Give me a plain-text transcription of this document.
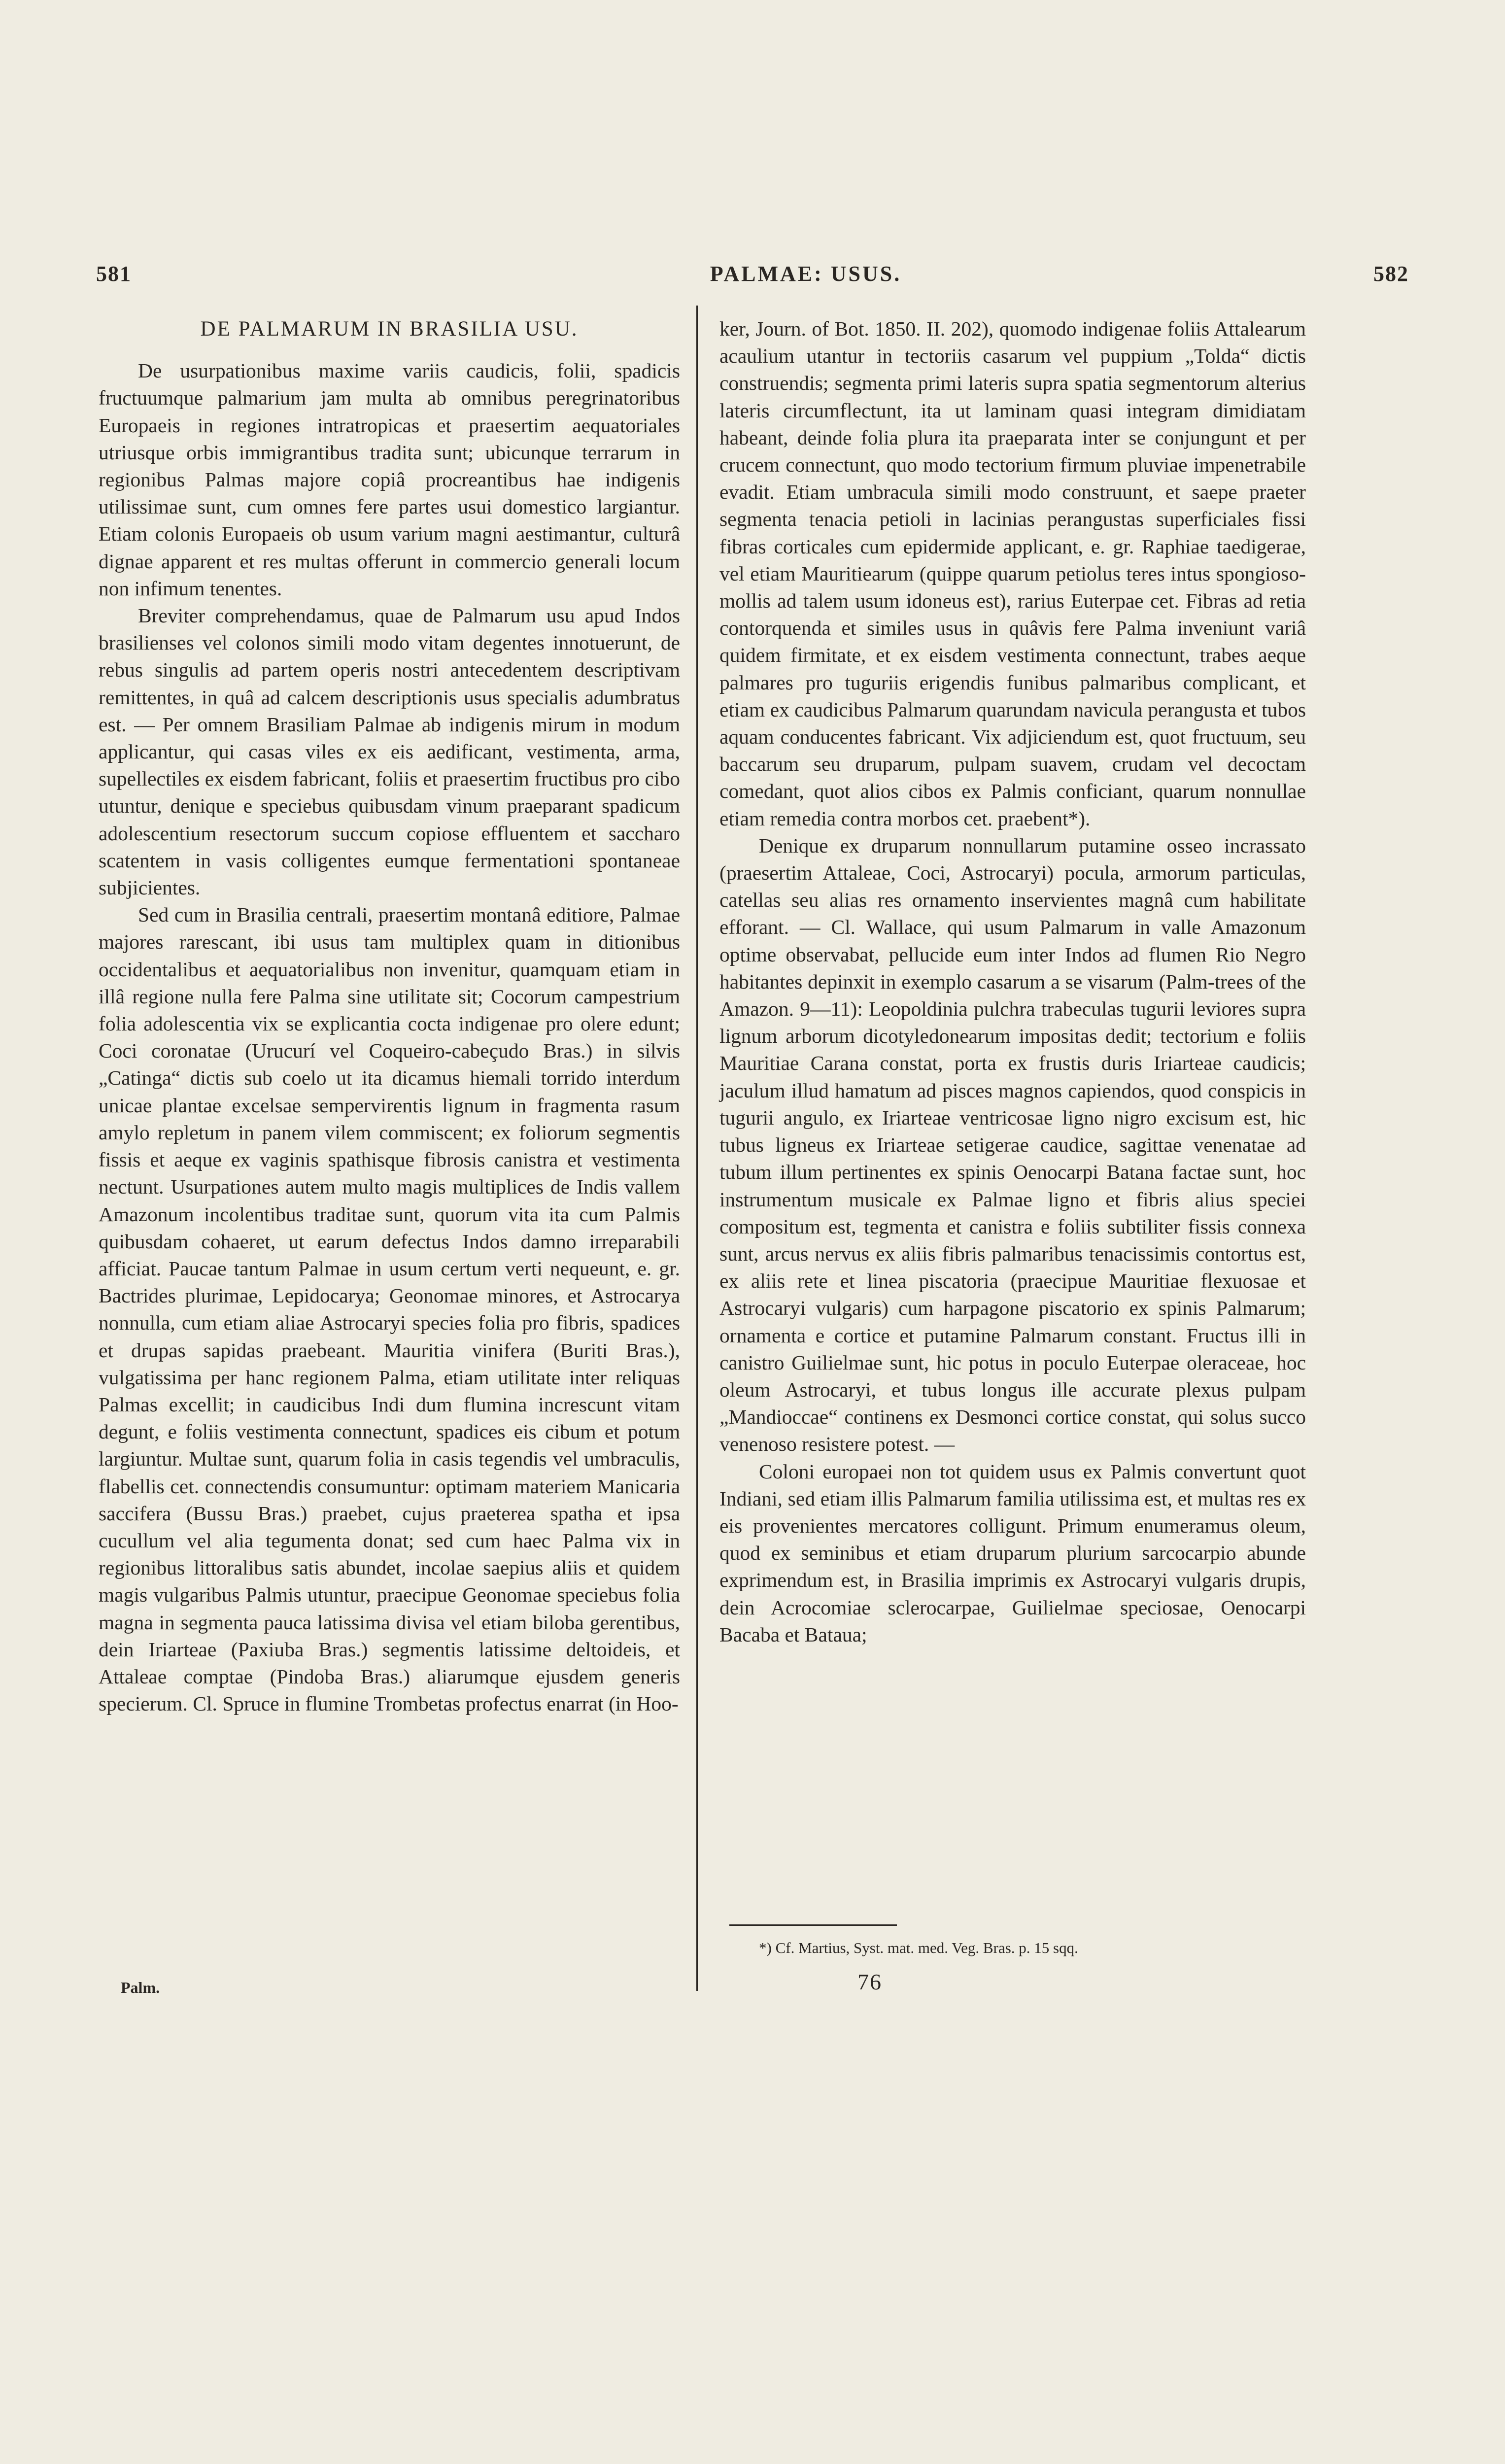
581	PALMAE: USUS.	582
DE PALMARUM IN BRASILIA USU.

De usurpationibus maxime variis caudicis, folii, spadicis fructuumque palmarium jam multa ab omnibus peregrinatoribus Europaeis in regiones intratropicas et praesertim aequatoriales utriusque orbis immigrantibus tradita sunt; ubicunque terrarum in regionibus Palmas majore copiâ procreantibus hae indigenis utilissimae sunt, cum omnes fere partes usui domestico largiantur. Etiam colonis Europaeis ob usum varium magni aestimantur, culturâ dignae apparent et res multas offerunt in commercio generali locum non infimum tenentes.

Breviter comprehendamus, quae de Palmarum usu apud Indos brasilienses vel colonos simili modo vitam degentes innotuerunt, de rebus singulis ad partem operis nostri antecedentem descriptivam remittentes, in quâ ad calcem descriptionis usus specialis adumbratus est. — Per omnem Brasiliam Palmae ab indigenis mirum in modum applicantur, qui casas viles ex eis aedificant, vestimenta, arma, supellectiles ex eisdem fabricant, foliis et praesertim fructibus pro cibo utuntur, denique e speciebus quibusdam vinum praeparant spadicum adolescentium resectorum succum copiose effluentem et saccharo scatentem in vasis colligentes eumque fermentationi spontaneae subjicientes.

Sed cum in Brasilia centrali, praesertim montanâ editiore, Palmae majores rarescant, ibi usus tam multiplex quam in ditionibus occidentalibus et aequatorialibus non invenitur, quamquam etiam in illâ regione nulla fere Palma sine utilitate sit; Cocorum campestrium folia adolescentia vix se explicantia cocta indigenae pro olere edunt; Coci coronatae (Urucurí vel Coqueiro-cabeçudo Bras.) in silvis „Catinga“ dictis sub coelo ut ita dicamus hiemali torrido interdum unicae plantae excelsae sempervirentis lignum in fragmenta rasum amylo repletum in panem vilem commiscent; ex foliorum segmentis fissis et aeque ex vaginis spathisque fibrosis canistra et vestimenta nectunt. Usurpationes autem multo magis multiplices de Indis vallem Amazonum incolentibus traditae sunt, quorum vita ita cum Palmis quibusdam cohaeret, ut earum defectus Indos damno irreparabili afficiat. Paucae tantum Palmae in usum certum verti nequeunt, e. gr. Bactrides plurimae, Lepidocarya; Geonomae minores, et Astrocarya nonnulla, cum etiam aliae Astrocaryi species folia pro fibris, spadices et drupas sapidas praebeant. Mauritia vinifera (Buriti Bras.), vulgatissima per hanc regionem Palma, etiam utilitate inter reliquas Palmas excellit; in caudicibus Indi dum flumina increscunt vitam degunt, e foliis vestimenta connectunt, spadices eis cibum et potum largiuntur. Multae sunt, quarum folia in casis tegendis vel umbraculis, flabellis cet. connectendis consumuntur: optimam materiem Manicaria saccifera (Bussu Bras.) praebet, cujus praeterea spatha et ipsa cucullum vel alia tegumenta donat; sed cum haec Palma vix in regionibus littoralibus satis abundet, incolae saepius aliis et quidem magis vulgaribus Palmis utuntur, praecipue Geonomae speciebus folia magna in segmenta pauca latissima divisa vel etiam biloba gerentibus, dein Iriarteae (Paxiuba Bras.) segmentis latissime deltoideis, et Attaleae comptae (Pindoba Bras.) aliarumque ejusdem generis specierum. Cl. Spruce in flumine Trombetas profectus enarrat (in Hoo-

ker, Journ. of Bot. 1850. II. 202), quomodo indigenae foliis Attalearum acaulium utantur in tectoriis casarum vel puppium „Tolda“ dictis construendis; segmenta primi lateris supra spatia segmentorum alterius lateris circumflectunt, ita ut laminam quasi integram dimidiatam habeant, deinde folia plura ita praeparata inter se conjungunt et per crucem connectunt, quo modo tectorium firmum pluviae impenetrabile evadit. Etiam umbracula simili modo construunt, et saepe praeter segmenta tenacia petioli in lacinias perangustas superficiales fissi fibras corticales cum epidermide applicant, e. gr. Raphiae taedigerae, vel etiam Mauritiearum (quippe quarum petiolus teres intus spongioso-mollis ad talem usum idoneus est), rarius Euterpae cet. Fibras ad retia contorquenda et similes usus in quâvis fere Palma inveniunt variâ quidem firmitate, et ex eisdem vestimenta connectunt, trabes aeque palmares pro tuguriis erigendis funibus palmaribus complicant, et etiam ex caudicibus Palmarum quarundam navicula perangusta et tubos aquam conducentes fabricant. Vix adjiciendum est, quot fructuum, seu baccarum seu druparum, pulpam suavem, crudam vel decoctam comedant, quot alios cibos ex Palmis conficiant, quarum nonnullae etiam remedia contra morbos cet. praebent*).

Denique ex druparum nonnullarum putamine osseo incrassato (praesertim Attaleae, Coci, Astrocaryi) pocula, armorum particulas, catellas seu alias res ornamento inservientes magnâ cum habilitate efforant. — Cl. Wallace, qui usum Palmarum in valle Amazonum optime observabat, pellucide eum inter Indos ad flumen Rio Negro habitantes depinxit in exemplo casarum a se visarum (Palm-trees of the Amazon. 9—11): Leopoldinia pulchra trabeculas tugurii leviores supra lignum arborum dicotyledonearum impositas dedit; tectorium e foliis Mauritiae Carana constat, porta ex frustis duris Iriarteae caudicis; jaculum illud hamatum ad pisces magnos capiendos, quod conspicis in tugurii angulo, ex Iriarteae ventricosae ligno nigro excisum est, hic tubus ligneus ex Iriarteae setigerae caudice, sagittae venenatae ad tubum illum pertinentes ex spinis Oenocarpi Batana factae sunt, hoc instrumentum musicale ex Palmae ligno et fibris alius speciei compositum est, tegmenta et canistra e foliis subtiliter fissis connexa sunt, arcus nervus ex aliis fibris palmaribus tenacissimis contortus est, ex aliis rete et linea piscatoria (praecipue Mauritiae flexuosae et Astrocaryi vulgaris) cum harpagone piscatorio ex spinis Palmarum; ornamenta e cortice et putamine Palmarum constant. Fructus illi in canistro Guilielmae sunt, hic potus in poculo Euterpae oleraceae, hoc oleum Astrocaryi, et tubus longus ille accurate plexus pulpam „Mandioccae“ continens ex Desmonci cortice constat, qui solus succo venenoso resistere potest. —

Coloni europaei non tot quidem usus ex Palmis convertunt quot Indiani, sed etiam illis Palmarum familia utilissima est, et multas res ex eis provenientes mercatores colligunt. Primum enumeramus oleum, quod ex seminibus et etiam druparum plurium sarcocarpio abunde exprimendum est, in Brasilia imprimis ex Astrocaryi vulgaris drupis, dein Acrocomiae sclerocarpae, Guilielmae speciosae, Oenocarpi Bacaba et Bataua;

Palm.
*) Cf. Martius, Syst. mat. med. Veg. Bras. p. 15 sqq.
76
